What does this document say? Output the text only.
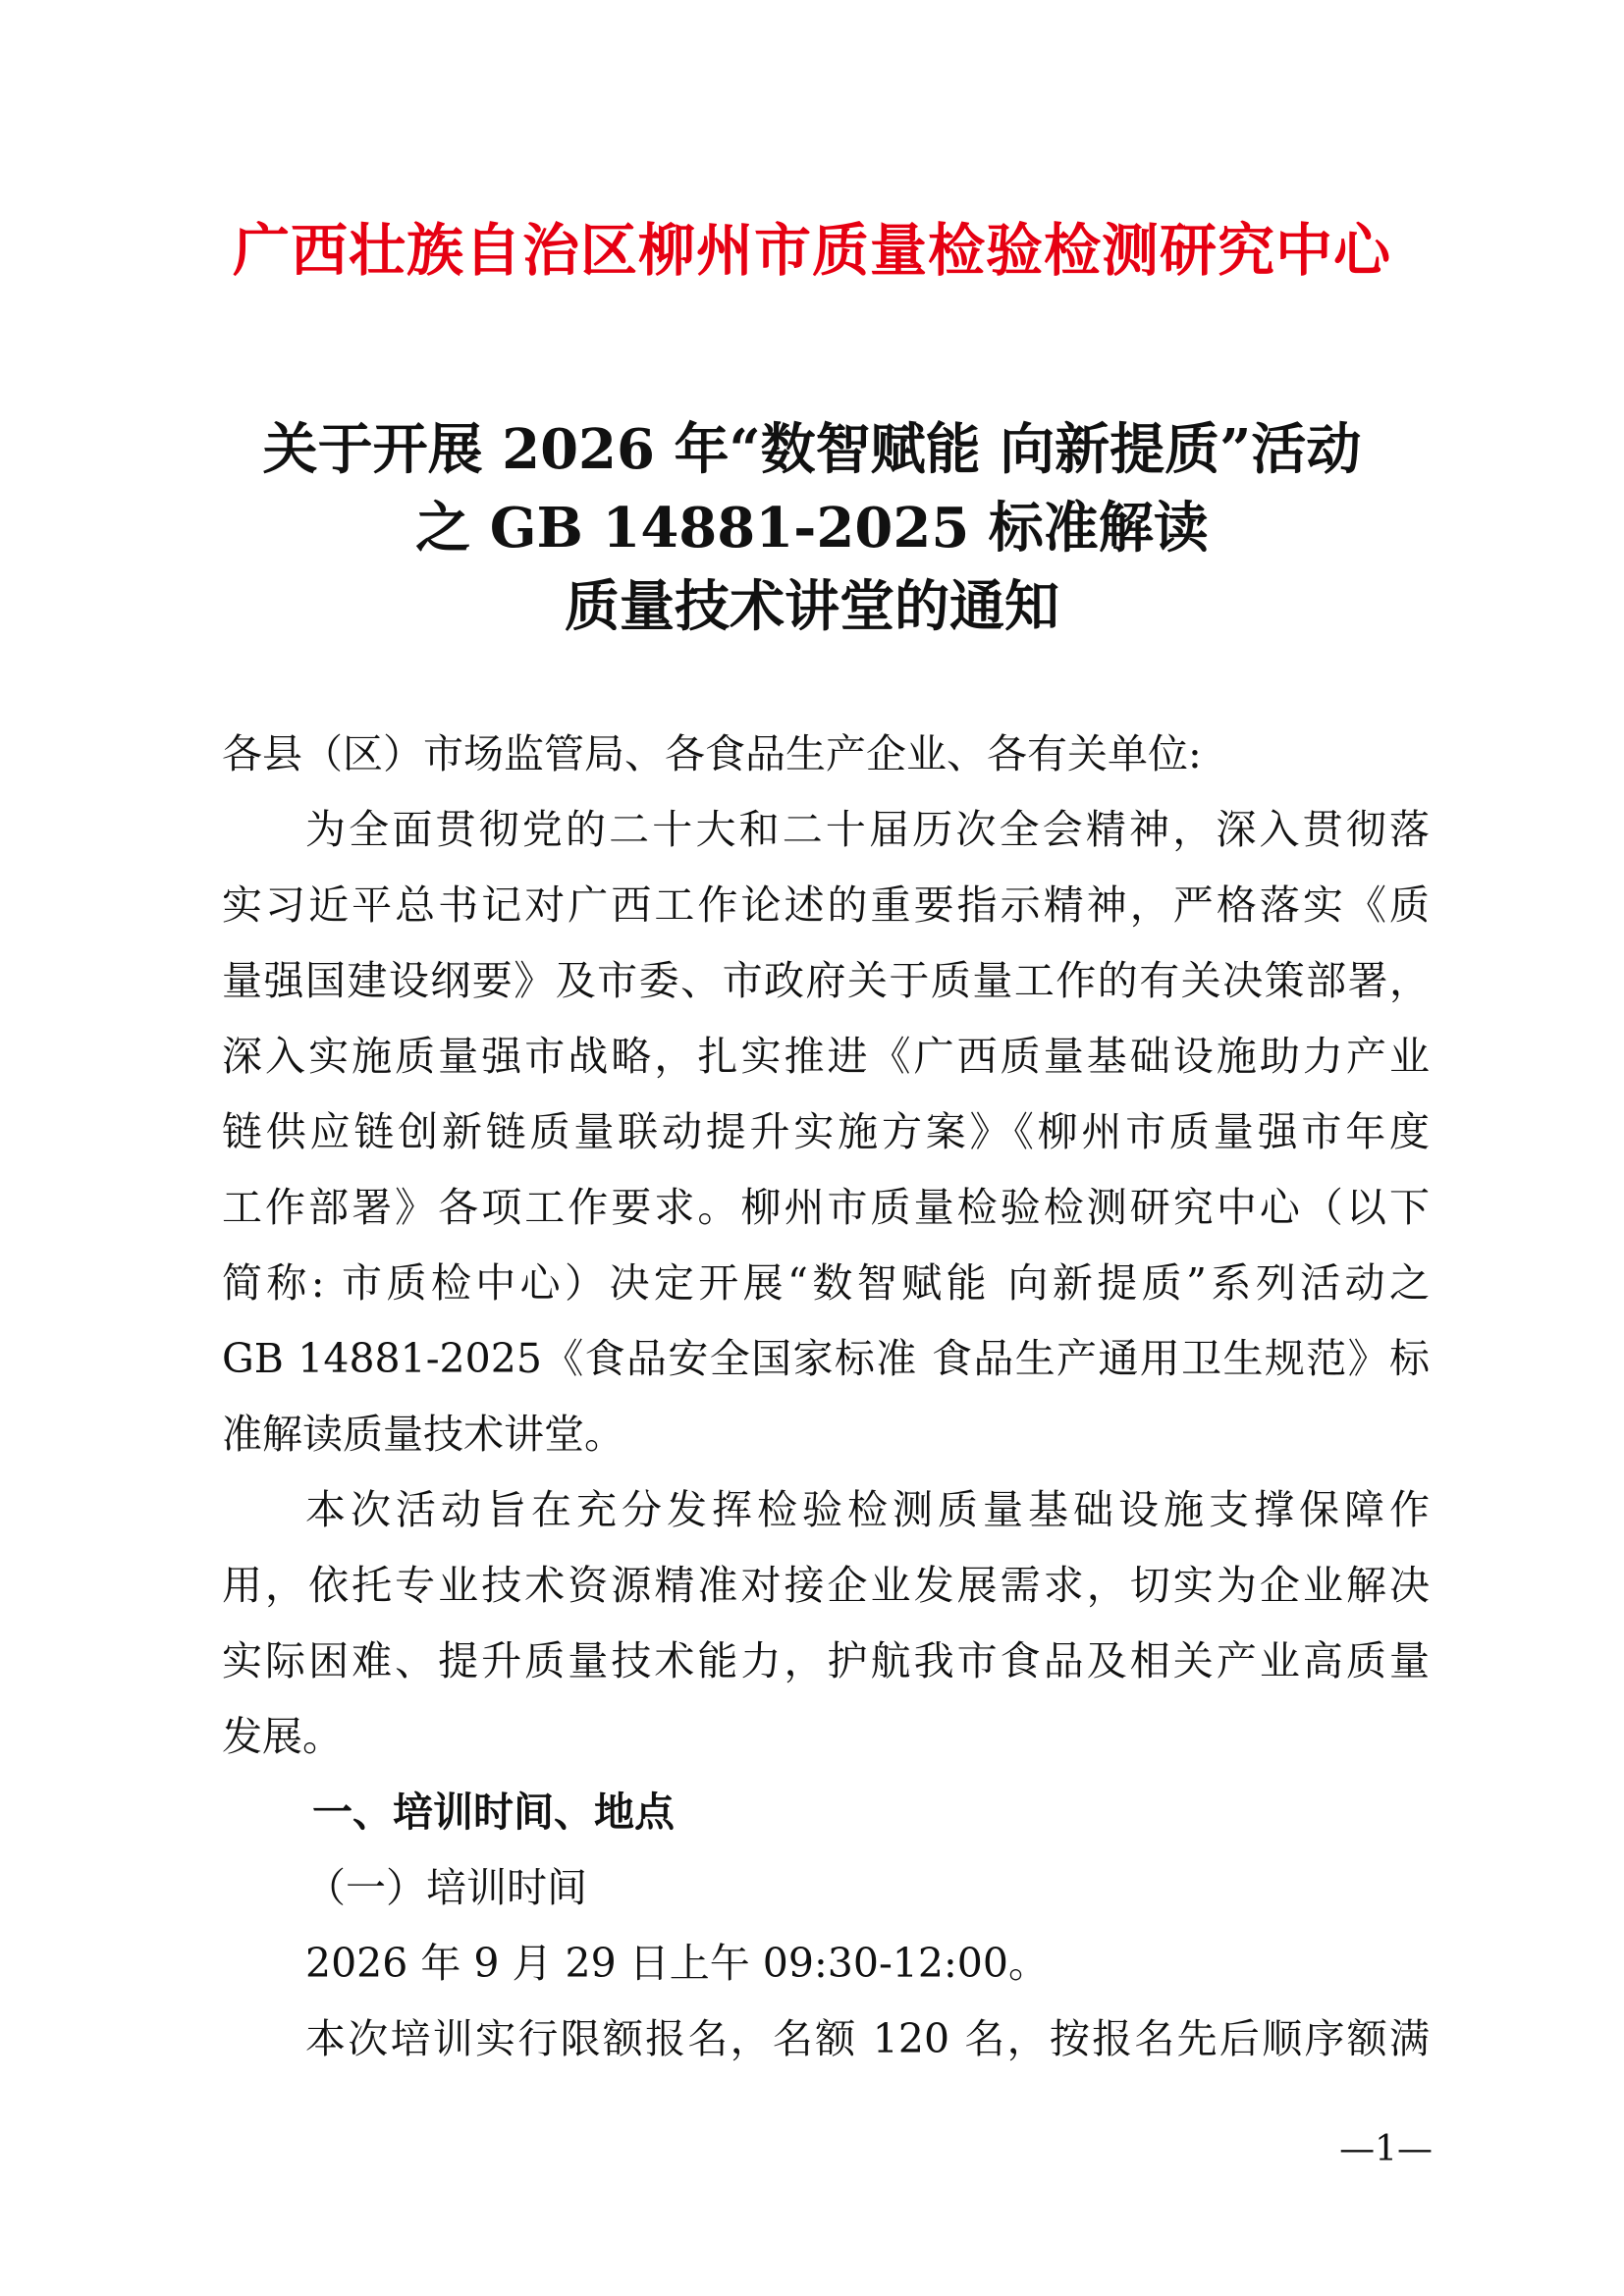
广西壮族自治区柳州市质量检验检测研究中心
关于开展 2026 年“数智赋能 向新提质”活动
之 GB 14881-2025 标准解读
质量技术讲堂的通知
各县（区）市场监管局、各食品生产企业、各有关单位:
为全面贯彻党的二十大和二十届历次全会精神，深入贯彻落
实习近平总书记对广西工作论述的重要指示精神，严格落实《质
量强国建设纲要》及市委、市政府关于质量工作的有关决策部署，
深入实施质量强市战略，扎实推进《广西质量基础设施助力产业
链供应链创新链质量联动提升实施方案》《柳州市质量强市年度
工作部署》各项工作要求。柳州市质量检验检测研究中心（以下
简称: 市质检中心）决定开展“数智赋能 向新提质”系列活动之
GB 14881-2025《食品安全国家标准 食品生产通用卫生规范》标
准解读质量技术讲堂。
本次活动旨在充分发挥检验检测质量基础设施支撑保障作
用，依托专业技术资源精准对接企业发展需求，切实为企业解决
实际困难、提升质量技术能力，护航我市食品及相关产业高质量
发展。
一、培训时间、地点
（一）培训时间
2026 年 9 月 29 日上午 09:30-12:00。
本次培训实行限额报名，名额 120 名，按报名先后顺序额满
—1—
